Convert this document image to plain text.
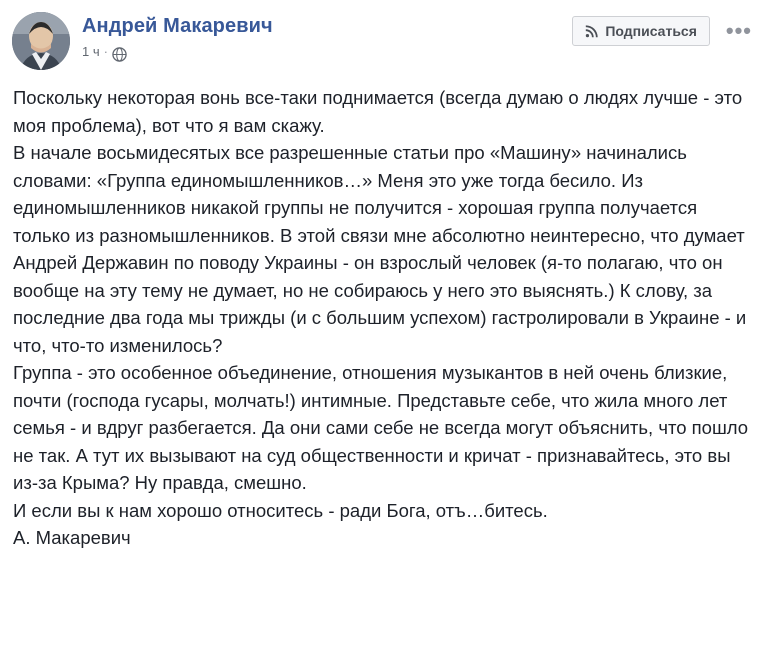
Андрей Макаревич
1 ч ·
Подписаться •••

Поскольку некоторая вонь все-таки поднимается (всегда думаю о людях лучше - это моя проблема), вот что я вам скажу.

В начале восьмидесятых все разрешенные статьи про «Машину» начинались словами: «Группа единомышленников…» Меня это уже тогда бесило. Из единомышленников никакой группы не получится - хорошая группа получается только из разномышленников. В этой связи мне абсолютно неинтересно, что думает Андрей Державин по поводу Украины - он взрослый человек (я-то полагаю, что он вообще на эту тему не думает, но не собираюсь у него это выяснять.) К слову, за последние два года мы трижды (и с большим успехом) гастролировали в Украине - и что, что-то изменилось?

Группа - это особенное объединение, отношения музыкантов в ней очень близкие, почти (господа гусары, молчать!) интимные. Представьте себе, что жила много лет семья - и вдруг разбегается. Да они сами себе не всегда могут объяснить, что пошло не так. А тут их вызывают на суд общественности и кричат - признавайтесь, это вы из-за Крыма? Ну правда, смешно.

И если вы к нам хорошо относитесь - ради Бога, отъ…битесь.

А. Макаревич
